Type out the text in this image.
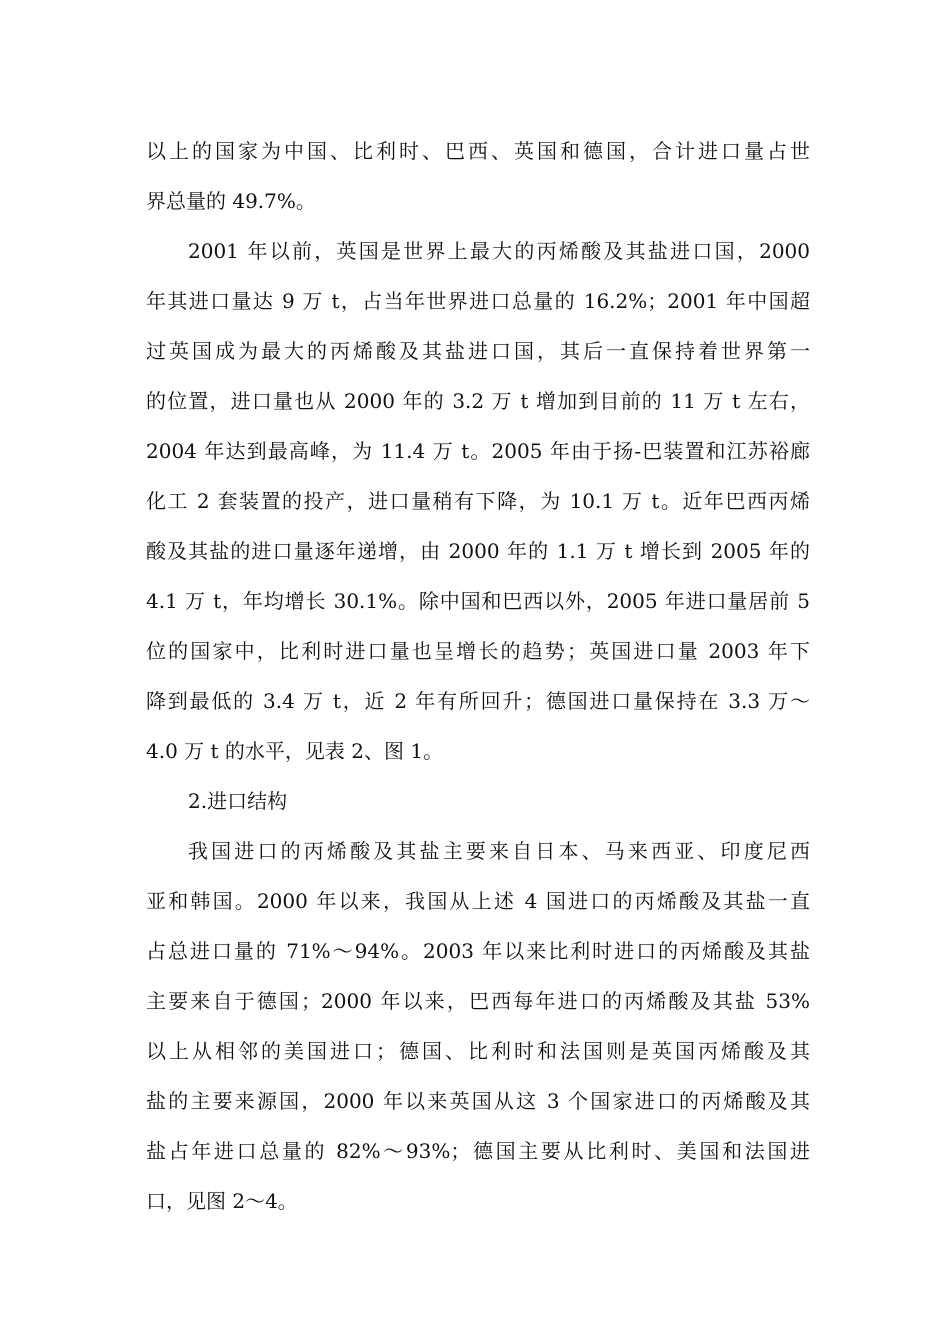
以上的国家为中国、比利时、巴西、英国和德国，合计进口量占世
界总量的 49.7%。
2001 年以前，英国是世界上最大的丙烯酸及其盐进口国，2000
年其进口量达 9 万 t，占当年世界进口总量的 16.2%；2001 年中国超
过英国成为最大的丙烯酸及其盐进口国，其后一直保持着世界第一
的位置，进口量也从 2000 年的 3.2 万 t 增加到目前的 11 万 t 左右，
2004 年达到最高峰，为 11.4 万 t。2005 年由于扬-巴装置和江苏裕廊
化工 2 套装置的投产，进口量稍有下降，为 10.1 万 t。近年巴西丙烯
酸及其盐的进口量逐年递增，由 2000 年的 1.1 万 t 增长到 2005 年的
4.1 万 t，年均增长 30.1%。除中国和巴西以外，2005 年进口量居前 5
位的国家中，比利时进口量也呈增长的趋势；英国进口量 2003 年下
降到最低的 3.4 万 t，近 2 年有所回升；德国进口量保持在 3.3 万～
4.0 万 t 的水平，见表 2、图 1。
2.进口结构
我国进口的丙烯酸及其盐主要来自日本、马来西亚、印度尼西
亚和韩国。2000 年以来，我国从上述 4 国进口的丙烯酸及其盐一直
占总进口量的 71%～94%。2003 年以来比利时进口的丙烯酸及其盐
主要来自于德国；2000 年以来，巴西每年进口的丙烯酸及其盐 53%
以上从相邻的美国进口；德国、比利时和法国则是英国丙烯酸及其
盐的主要来源国，2000 年以来英国从这 3 个国家进口的丙烯酸及其
盐占年进口总量的 82%～93%；德国主要从比利时、美国和法国进
口，见图 2～4。
